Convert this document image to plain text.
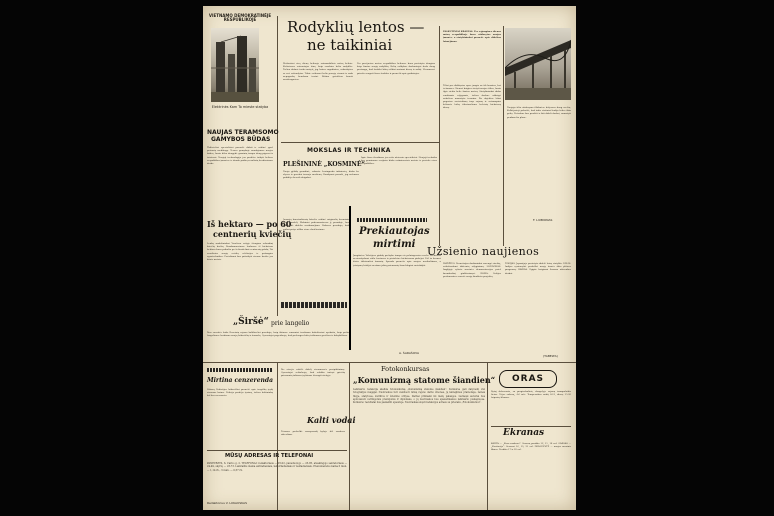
VIETNAMO DEMOKRATINĖJE RESPUBLIKOJE
Elektrinės Kam To mieste statyba
NAUJAS TERAMSOMO
GAMYBOS BŪDAS
Tbilisiečiai specialistai paruošė dirbti ir sukūrė ypač patvarią medžiagą. Terasa gamyboje naudojamas naujas būdas, kurio dėka daugybė gaminių tampa daug pigesni ir tvirtesni. Naujoji technologija jau pradėta taikyti keliose respublikos įmonėse ir duoda puikių rezultatų kasdieniame darbe.
Iš hektaro — po 60
centnerių kviečių
Lenkų mokslininkai Vroclavo srityje išaugino rekordinį kviečių derlių. Bandomuosiuose laukuose iš kiekvieno hektaro buvo prikulta po šešiasdešimt centnerių grūdų. Tai rezultatas naujų veislių selekcijos ir pažangios agrotechnikos. Pasiekimai bus pritaikyti visame krašte jau kitais metais.
„Širšė“ prie langelio
Šios savaitės laida Raseinių rajono kolūkiečiai pasakojo, kaip ūkiuose sumaniai tvarkoma buhalterinė apskaita, kaip pašto langeliuose laukiama naujų laikraščių ir žurnalų. Gyventojai pageidauja, kad paslaugos būtų teikiamos greičiau ir kokybiškiau.
Rodyklių lentos —
ne taikiniai
Mašinistai visą dieną keliauja automobiliais mūsų keliais. Kiekvienas vairuotojas žino, kaip svarbios kelio rodyklės. Tačiau dažnai tenka matyti, jog lentos sugadintos, subraižytos ar net sušaudytos. Tokie veiksmai kelia pavojų eismui ir rodo nepagarbą bendram turtui. Būtina griežčiau bausti nusižengusius.
Per praėjusius metus respublikos keliuose buvo pastatyta daugiau kaip šimtas naujų rodyklių. Kelių valdybos darbuotojai deda daug pastangų, kad ženklai būtų aiškiai matomi dieną ir naktį. Visuomenė privalo saugoti šiuos ženklus ir pranešti apie gadintojus.
MOKSLAS IR TECHNIKA
PLEŠININĖ „KOSMINĖ“
Nauja pjūklų grandinė, sukurta Leningrado inžinierių, dirba be alyvos ir gerokai tausoja medieną. Bandymai parodė, jog našumas padidėja beveik dvigubai.
Apie šiuos išradimus jau rašo užsienio specialistai. Naujoji technika bus gaminama serijiniu būdu artimiausiais metais ir pasieks visas respublikas.
Prekiautojas
mirtimi
Jungtinėse Valstijose ginklų prekyba tampa vis pelningesniu verslu. Prekeiviai nesivaržydami siūlo šautuvus ir pistoletus kiekvienam pirkėjui. Dėl to kasmet žūsta tūkstančiai žmonių. Spauda praneša apie naujus nusikaltimus, o įstatymų leidėjai nesiima jokių priemonių šiam blogiui sustabdyti.
A. ŠARAŠOVA
Jaunųjų konstruktorių būrelis sukūrė originalią kosminio laivo modelį. Mokiniai pademonstravo jį parodoje, kur susilaukė didelio susidomėjimo. Vadovas pasakojo, kad vaikai patys atliko visus skaičiavimus.
PASKUTINIAI KRAŠTAS. Per sąjungines dienas mūsų respublikoje buvo atidarytos naujos įmonės, o statybininkai pranešė apie didelius laimėjimus.
Tiltai per didžiąsias upes jungia ne tik krantus, bet ir žmones. Šiemet baigtas statyti naujas tiltas, kurio ilgis siekia kelis šimtus metrų. Statybininkai dirbo sunkiomis sąlygomis, tačiau darbus užbaigė anksčiau numatyto termino. Šis objektas labai pagerins susisiekimą tarp rajonų ir sutrumpins kelionės laiką tūkstančiams keleivių kiekvieną dieną.	Naujojo tilto atidarymo iškilmėse dalyvavo daug svečių. Kalbėjusieji pabrėžė, kad tokie statiniai liudija šalies ūkio galią. Netrukus bus pradėti ir kiti dideli darbai, numatyti penkmečio plane.
F. LIUBIONAS
Užsienio naujienos
PARYŽIUS. Prancūzijos darbininkai surengė streiką, reikalaudami didesnių atlyginimų. LONDONAS. Anglijoje vyksta masinės demonstracijos prieš branduolinį ginklavimąsi. ROMA. Italijos parlamentas svarstė naują biudžeto projektą.
TOKIJAS. Japonijoje pastatyta didelė laivų statykla. DELIS. Indijos vyriausybė paskelbė naują žemės ūkio plėtros programą. KAIRAS. Egipte baigiami Asuano užtvankos darbai.
(TABELTA)
Mirtina cenzerenda
Vakarų Vokietijos laikraščiai pranešė apie tragišką įvykį viename kaime. Policija pradėjo tyrimą, tačiau kaltininkų kol kas nesurasta.
Šis atvejis sukėlė didelį visuomenės pasipiktinimą. Gyventojai reikalauja, kad valdžia imtųsi griežtų priemonių tokiems įvykiams išvengti ateityje.
Kalti vodai
Teismas paskelbė nuosprendį byloje dėl vandens užteršimo.
MŪSŲ ADRESAS IR TELEFONAI
PANEVĖŽYS, S. Čarno g. 2. TELEFONAI: redaktoriaus — 25-02, pavaduotojo — 23-85, atsakingojo sekretoriaus — 24-49, skyrių — 23-73. Laikraštis išeina antradieniais, ketvirtadieniais ir šeštadieniais. Prenumeratos kaina 6 mėn. — 1,14 rb., 3 mėn. — 0,57 rb.
Redaktorius V. LUKAUSKAS
Fotokonkursas
„Komunizmą statome šiandien“
Laikraščio redakcija skelbia fotokonkursą „Komunizmą statome šiandien“. Konkurse gali dalyvauti visi fotografijos mėgėjai. Nuotraukos turi vaizduoti mūsų rajono darbo žmones, jų laimėjimus pramonėje, žemės ūkyje, statybose, kultūros ir švietimo srityse. Darbai priimami iki metų pabaigos. Geriausi autoriai bus apdovanoti vertingomis premijomis ir diplomais, o jų nuotraukos bus spausdinamos laikraščio puslapiuose. Konkurso rezultatai bus paskelbti spaudoje. Nuotraukas siųsti redakcijos adresu su prierašu „Fotokonkursui“.
ORAS
Rytoj debesuota, su pragiedruliais, daugelyje rajonų trumpalaikis lietus. Vėjas vakarų, 4-6 m/s. Temperatūra naktį 8-13, dieną 15-20 laipsnių šilumos.
Ekranas
KARTA — „Karo rankena“. Seansų pradžia 12, 15, 18 val. GARSAS — „Kavitacija“. Seansai 16, 19, 21 val. DRAUGYSTĖ — naujas meninis filmas. Pradžia 17 ir 20 val.
